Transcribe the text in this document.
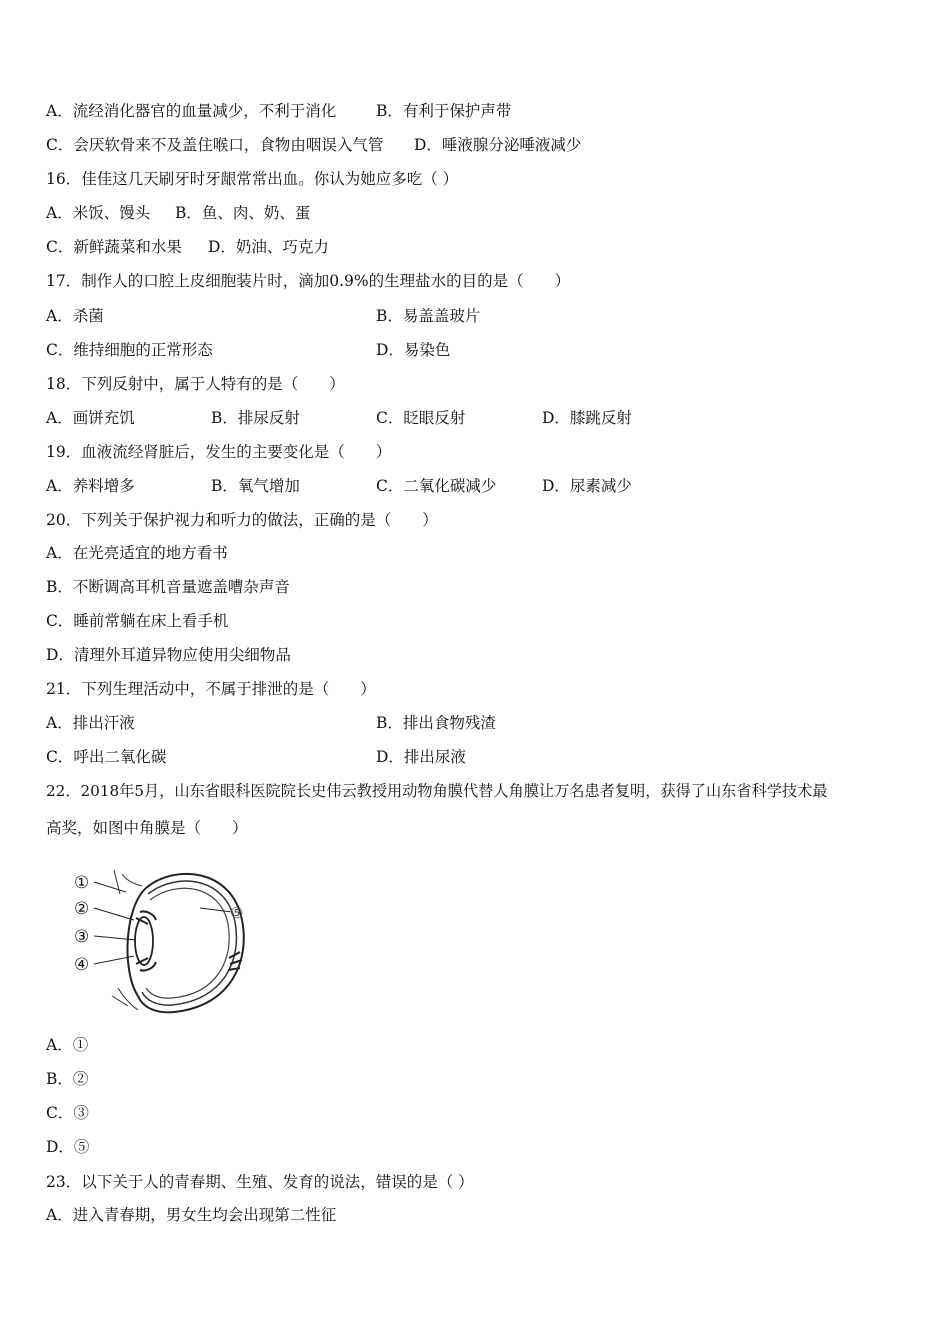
A．流经消化器官的血量减少，不利于消化	B．有利于保护声带
C．会厌软骨来不及盖住喉口，食物由咽误入气管 D．唾液腺分泌唾液减少
16．佳佳这几天刷牙时牙龈常常出血。你认为她应多吃（ ）
A．米饭、馒头 B．鱼、肉、奶、蛋
C．新鲜蔬菜和水果 D．奶油、巧克力
17．制作人的口腔上皮细胞装片时，滴加0.9%的生理盐水的目的是（　　）
A．杀菌	B．易盖盖玻片
C．维持细胞的正常形态	D．易染色
18．下列反射中，属于人特有的是（　　）
A．画饼充饥	B．排尿反射	C．眨眼反射	D．膝跳反射
19．血液流经肾脏后，发生的主要变化是（　　）
A．养料增多	B．氧气增加	C．二氧化碳减少	D．尿素减少
20．下列关于保护视力和听力的做法，正确的是（　　）
A．在光亮适宜的地方看书
B．不断调高耳机音量遮盖嘈杂声音
C．睡前常躺在床上看手机
D．清理外耳道异物应使用尖细物品
21．下列生理活动中，不属于排泄的是（　　）
A．排出汗液	B．排出食物残渣
C．呼出二氧化碳	D．排出尿液
22．2018年5月，山东省眼科医院院长史伟云教授用动物角膜代替人角膜让万名患者复明，获得了山东省科学技术最
高奖，如图中角膜是（　　）
①
②
③
④
⑤
A．①
B．②
C．③
D．⑤
23．以下关于人的青春期、生殖、发育的说法，错误的是（ ）
A．进入青春期，男女生均会出现第二性征
